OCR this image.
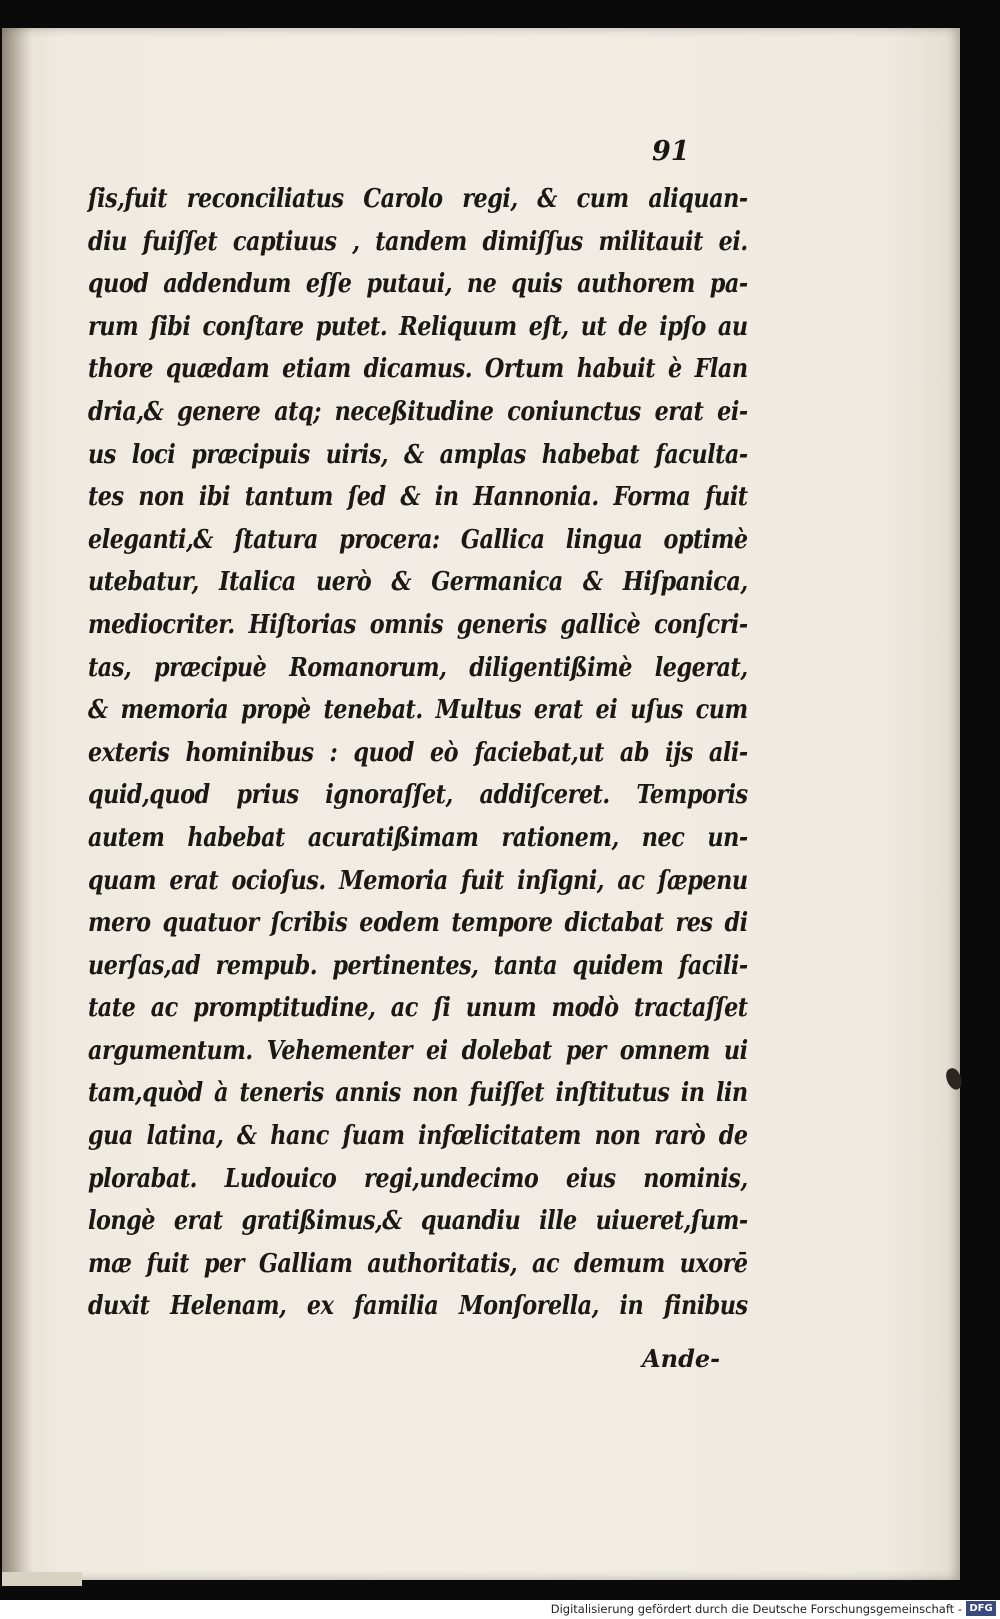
91
ſis,fuit reconciliatus Carolo regi, & cum aliquan-
diu fuiſſet captiuus , tandem dimiſſus militauit ei.
quod addendum eſſe putaui, ne quis authorem pa-
rum ſibi conſtare putet. Reliquum eſt, ut de ipſo au
thore quædam etiam dicamus. Ortum habuit è Flan
dria,& genere atq; neceßitudine coniunctus erat ei-
us loci præcipuis uiris, & amplas habebat faculta-
tes non ibi tantum ſed & in Hannonia. Forma fuit
eleganti,& ſtatura procera: Gallica lingua optimè
utebatur, Italica uerò & Germanica & Hiſpanica,
mediocriter. Hiſtorias omnis generis gallicè conſcri-
tas, præcipuè Romanorum, diligentißimè legerat,
& memoria propè tenebat. Multus erat ei uſus cum
exteris hominibus : quod eò faciebat,ut ab ijs ali-
quid,quod prius ignoraſſet, addiſceret. Temporis
autem habebat acuratißimam rationem, nec un-
quam erat ocioſus. Memoria fuit inſigni, ac ſæpenu
mero quatuor ſcribis eodem tempore dictabat res di
uerſas,ad rempub. pertinentes, tanta quidem facili-
tate ac promptitudine, ac ſi unum modò tractaſſet
argumentum. Vehementer ei dolebat per omnem ui
tam,quòd à teneris annis non fuiſſet inſtitutus in lin
gua latina, & hanc ſuam infœlicitatem non rarò de
plorabat. Ludouico regi,undecimo eius nominis,
longè erat gratißimus,& quandiu ille uiueret,ſum-
mæ fuit per Galliam authoritatis, ac demum uxorē
duxit Helenam, ex familia Monſorella, in finibus
Ande-
Digitalisierung gefördert durch die Deutsche Forschungsgemeinschaft - DFG
